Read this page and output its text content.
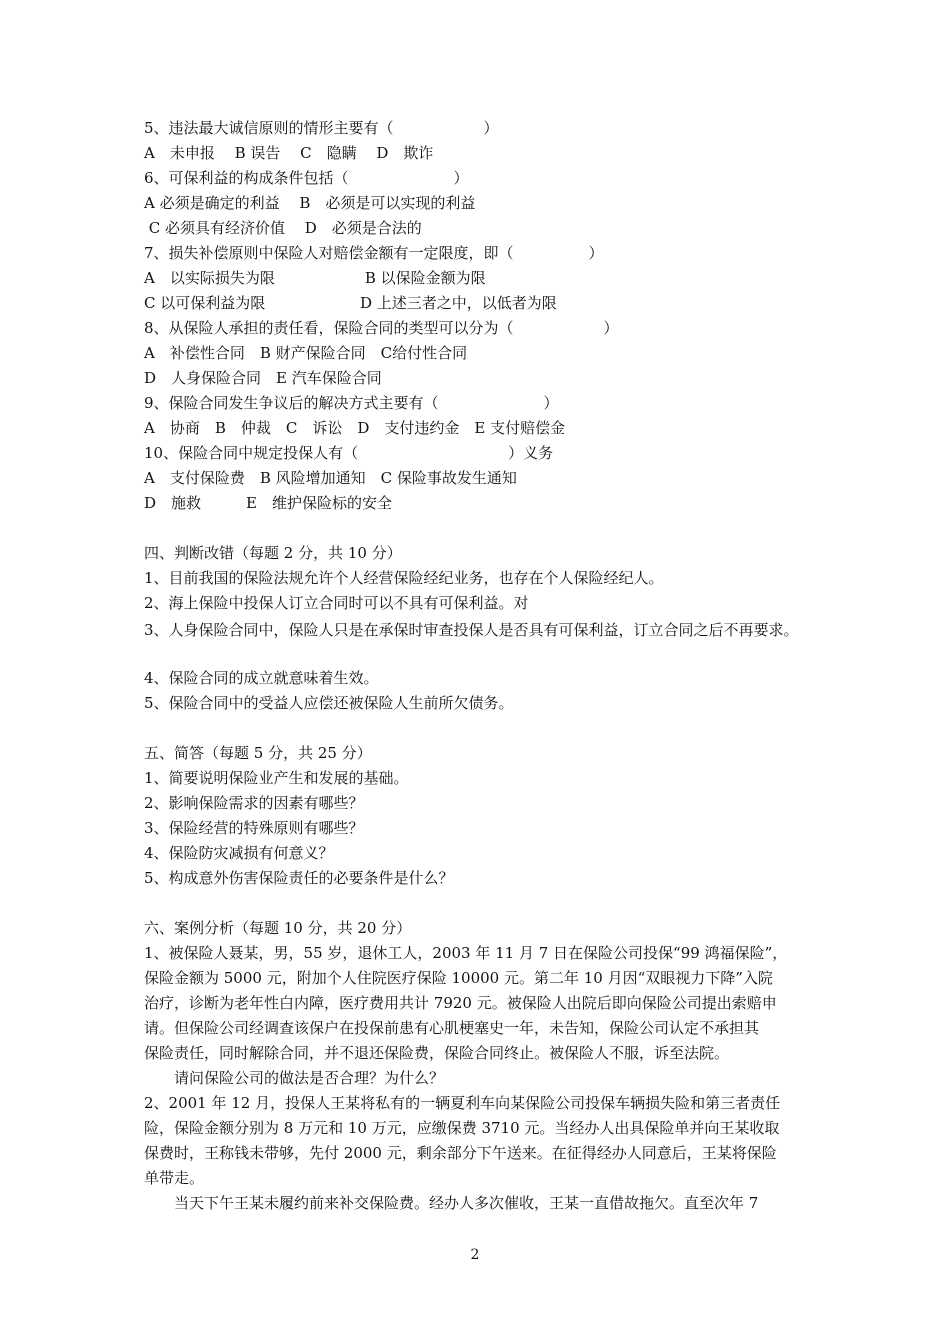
5、违法最大诚信原则的情形主要有（　　　　　　）
A　未申报　 B 误告　 C　隐瞒　 D　欺诈
6、可保利益的构成条件包括（　　　　　　　）
A 必须是确定的利益　 B　必须是可以实现的利益
C 必须具有经济价值　 D　必须是合法的
7、损失补偿原则中保险人对赔偿金额有一定限度，即（　　　　　）
A　以实际损失为限　　　　　　B 以保险金额为限
C 以可保利益为限　　　　　　 D 上述三者之中，以低者为限
8、从保险人承担的责任看，保险合同的类型可以分为（　　　　　　）
A　补偿性合同　B 财产保险合同　C给付性合同
D　人身保险合同　E 汽车保险合同
9、保险合同发生争议后的解决方式主要有（　　　　　　　）
A　协商　B　仲裁　C　诉讼　D　支付违约金　E 支付赔偿金
10、保险合同中规定投保人有（　　　　　　　　　　）义务
A　支付保险费　B 风险增加通知　C 保险事故发生通知
D　施救　　　E　维护保险标的安全
四、判断改错（每题 2 分，共 10 分）
1、目前我国的保险法规允许个人经营保险经纪业务，也存在个人保险经纪人。
2、海上保险中投保人订立合同时可以不具有可保利益。对
3、人身保险合同中，保险人只是在承保时审查投保人是否具有可保利益，订立合同之后不再要求。
4、保险合同的成立就意味着生效。
5、保险合同中的受益人应偿还被保险人生前所欠债务。
五、简答（每题 5 分，共 25 分）
1、简要说明保险业产生和发展的基础。
2、影响保险需求的因素有哪些？
3、保险经营的特殊原则有哪些？
4、保险防灾减损有何意义？
5、构成意外伤害保险责任的必要条件是什么？
六、案例分析（每题 10 分，共 20 分）
1、被保险人聂某，男，55 岁，退休工人，2003 年 11 月 7 日在保险公司投保“99 鸿福保险”，
保险金额为 5000 元，附加个人住院医疗保险 10000 元。第二年 10 月因“双眼视力下降”入院
治疗，诊断为老年性白内障，医疗费用共计 7920 元。被保险人出院后即向保险公司提出索赔申
请。但保险公司经调查该保户在投保前患有心肌梗塞史一年，未告知，保险公司认定不承担其
保险责任，同时解除合同，并不退还保险费，保险合同终止。被保险人不服，诉至法院。
　　请问保险公司的做法是否合理？为什么？
2、2001 年 12 月，投保人王某将私有的一辆夏利车向某保险公司投保车辆损失险和第三者责任
险，保险金额分别为 8 万元和 10 万元，应缴保费 3710 元。当经办人出具保险单并向王某收取
保费时，王称钱未带够，先付 2000 元，剩余部分下午送来。在征得经办人同意后，王某将保险
单带走。
　　当天下午王某未履约前来补交保险费。经办人多次催收，王某一直借故拖欠。直至次年 7
2
